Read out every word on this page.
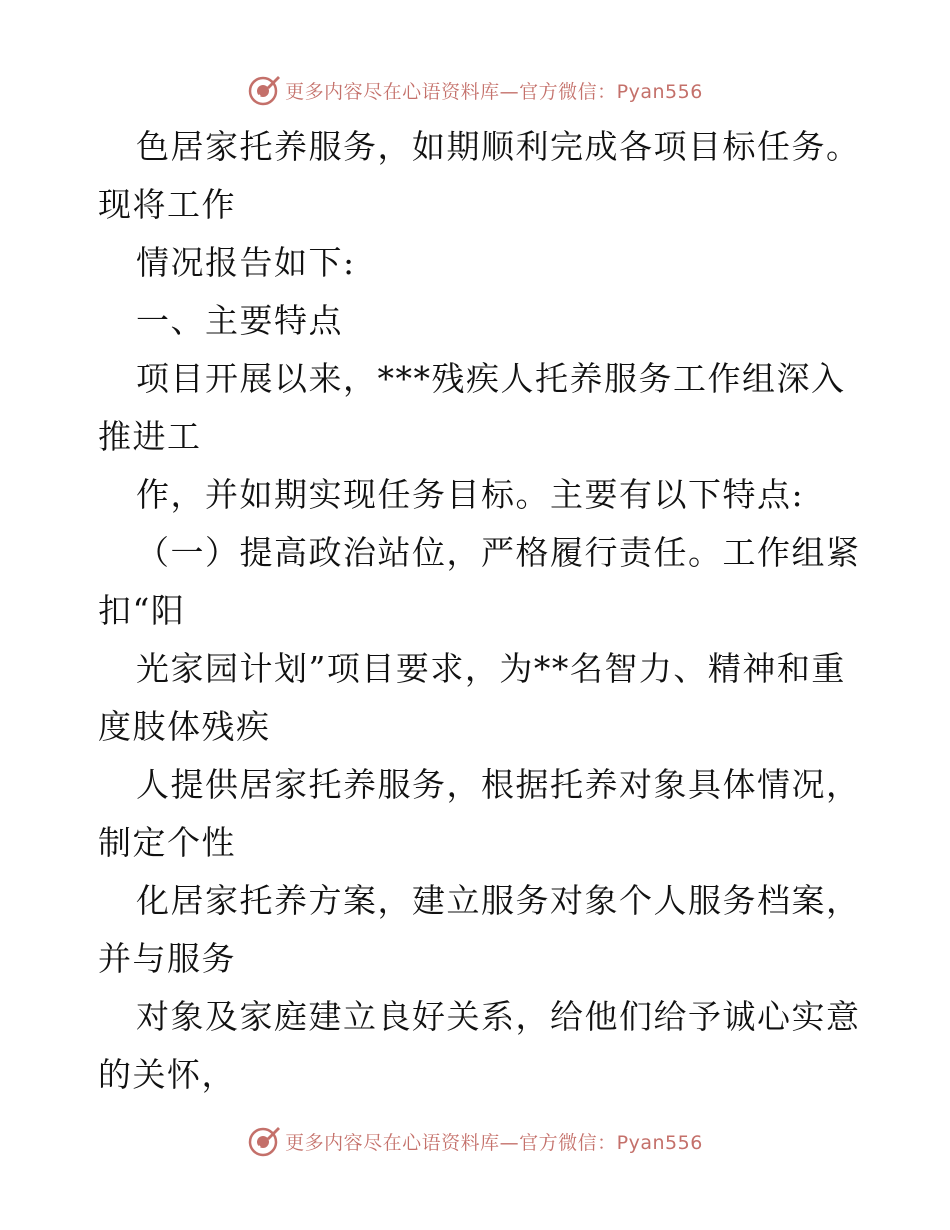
更多内容尽在心语资料库—官方微信：Pyan556
色居家托养服务，如期顺利完成各项目标任务。
现将工作
情况报告如下:
一、主要特点
项目开展以来，***残疾人托养服务工作组深入
推进工
作，并如期实现任务目标。主要有以下特点:
（一）提高政治站位，严格履行责任。工作组紧
扣“阳
光家园计划”项目要求，为**名智力、精神和重
度肢体残疾
人提供居家托养服务，根据托养对象具体情况，
制定个性
化居家托养方案，建立服务对象个人服务档案，
并与服务
对象及家庭建立良好关系，给他们给予诚心实意
的关怀，
更多内容尽在心语资料库—官方微信：Pyan556
